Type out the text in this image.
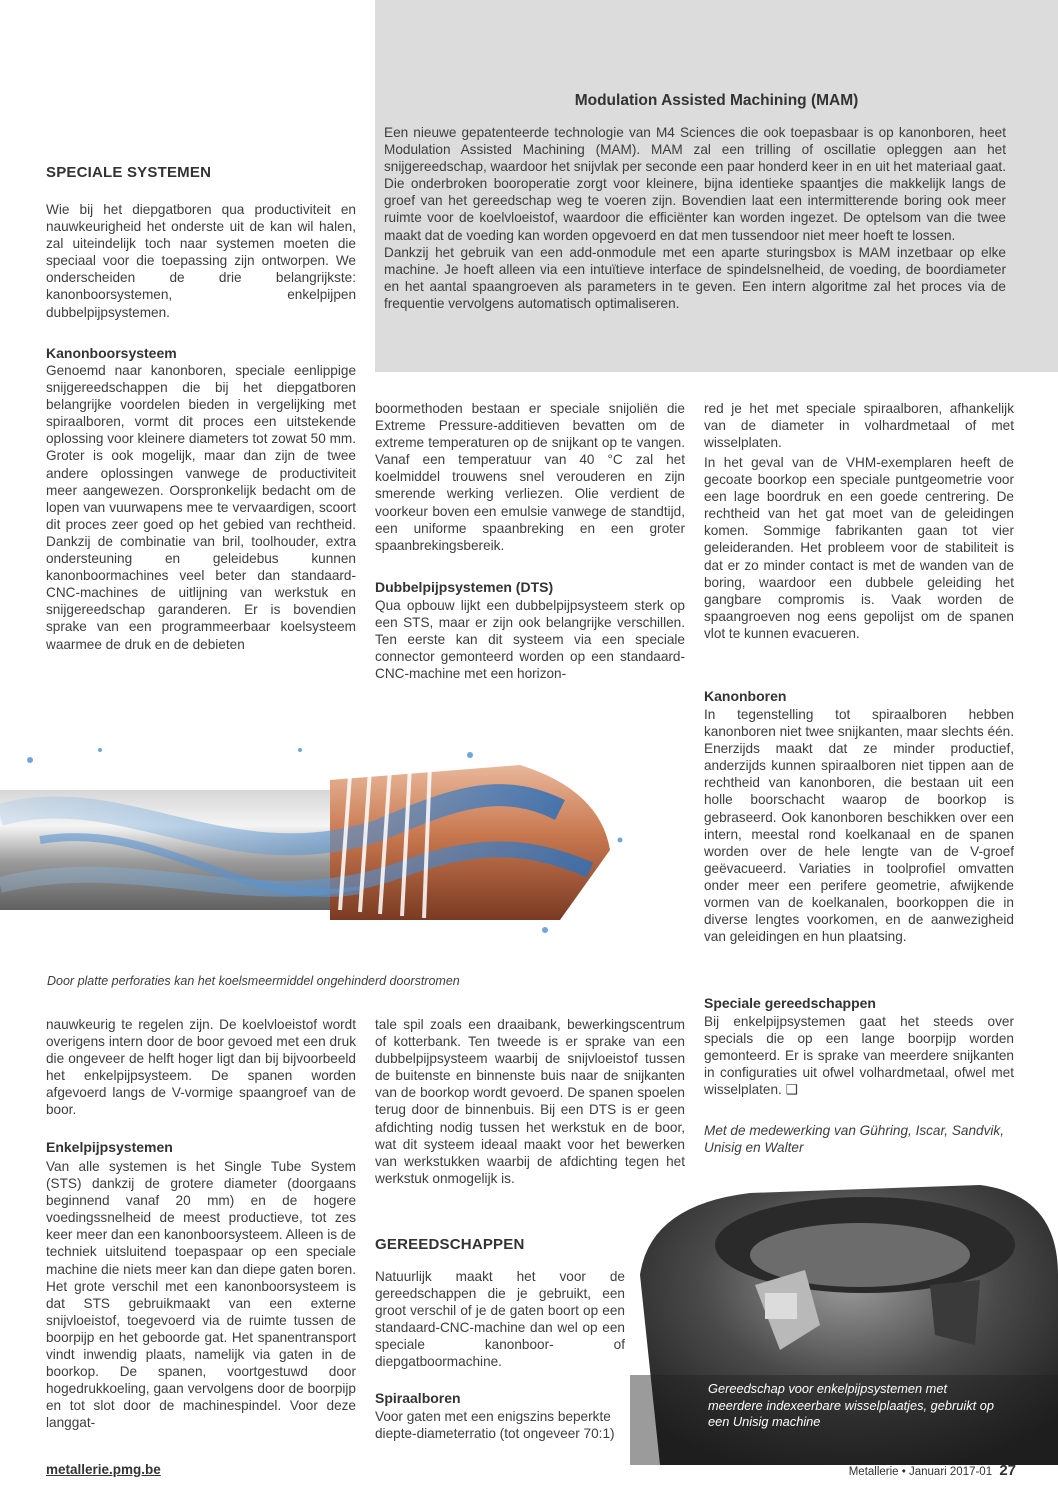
Modulation Assisted Machining (MAM)

Een nieuwe gepatenteerde technologie van M4 Sciences die ook toepasbaar is op kanonboren, heet Modulation Assisted Machining (MAM). MAM zal een trilling of oscillatie opleggen aan het snijgereedschap, waardoor het snijvlak per seconde een paar honderd keer in en uit het materiaal gaat. Die onderbroken booroperatie zorgt voor kleinere, bijna identieke spaantjes die makkelijk langs de groef van het gereedschap weg te voeren zijn. Bovendien laat een intermitterende boring ook meer ruimte voor de koelvloeistof, waardoor die efficiënter kan worden ingezet. De optelsom van die twee maakt dat de voeding kan worden opgevoerd en dat men tussendoor niet meer hoeft te lossen.

Dankzij het gebruik van een add-onmodule met een aparte sturingsbox is MAM inzetbaar op elke machine. Je hoeft alleen via een intuïtieve interface de spindelsnelheid, de voeding, de boordiameter en het aantal spaangroeven als parameters in te geven. Een intern algoritme zal het proces via de frequentie vervolgens automatisch optimaliseren.

SPECIALE SYSTEMEN
Wie bij het diepgatboren qua productiviteit en nauwkeurigheid het onderste uit de kan wil halen, zal uiteindelijk toch naar systemen moeten die speciaal voor die toepassing zijn ontworpen. We onderscheiden de drie belangrijkste: kanonboorsystemen, enkelpijpen dubbelpijpsystemen.
Kanonboorsysteem
Genoemd naar kanonboren, speciale eenlippige snijgereedschappen die bij het diepgatboren belangrijke voordelen bieden in vergelijking met spiraalboren, vormt dit proces een uitstekende oplossing voor kleinere diameters tot zowat 50 mm. Groter is ook mogelijk, maar dan zijn de twee andere oplossingen vanwege de productiviteit meer aangewezen. Oorspronkelijk bedacht om de lopen van vuurwapens mee te vervaardigen, scoort dit proces zeer goed op het gebied van rechtheid. Dankzij de combinatie van bril, toolhouder, extra ondersteuning en geleidebus kunnen kanonboormachines veel beter dan standaard-CNC-machines de uitlijning van werkstuk en snijgereedschap garanderen. Er is bovendien sprake van een programmeerbaar koelsysteem waarmee de druk en de debieten
boormethoden bestaan er speciale snijoliën die Extreme Pressure-additieven bevatten om de extreme temperaturen op de snijkant op te vangen. Vanaf een temperatuur van 40 °C zal het koelmiddel trouwens snel verouderen en zijn smerende werking verliezen. Olie verdient de voorkeur boven een emulsie vanwege de standtijd, een uniforme spaanbreking en een groter spaanbrekingsbereik.
Dubbelpijpsystemen (DTS)
Qua opbouw lijkt een dubbelpijpsysteem sterk op een STS, maar er zijn ook belangrijke verschillen. Ten eerste kan dit systeem via een speciale connector gemonteerd worden op een standaard-CNC-machine met een horizon-
red je het met speciale spiraalboren, afhankelijk van de diameter in volhardmetaal of met wisselplaten.
In het geval van de VHM-exemplaren heeft de gecoate boorkop een speciale puntgeometrie voor een lage boordruk en een goede centrering. De rechtheid van het gat moet van de geleidingen komen. Sommige fabrikanten gaan tot vier geleideranden. Het probleem voor de stabiliteit is dat er zo minder contact is met de wanden van de boring, waardoor een dubbele geleiding het gangbare compromis is. Vaak worden de spaangroeven nog eens gepolijst om de spanen vlot te kunnen evacueren.
Kanonboren
In tegenstelling tot spiraalboren hebben kanonboren niet twee snijkanten, maar slechts één. Enerzijds maakt dat ze minder productief, anderzijds kunnen spiraalboren niet tippen aan de rechtheid van kanonboren, die bestaan uit een holle boorschacht waarop de boorkop is gebraseerd. Ook kanonboren beschikken over een intern, meestal rond koelkanaal en de spanen worden over de hele lengte van de V-groef geëvacueerd. Variaties in toolprofiel omvatten onder meer een perifere geometrie, afwijkende vormen van de koelkanalen, boorkoppen die in diverse lengtes voorkomen, en de aanwezigheid van geleidingen en hun plaatsing.
Speciale gereedschappen
Bij enkelpijpsystemen gaat het steeds over specials die op een lange boorpijp worden gemonteerd. Er is sprake van meerdere snijkanten in configuraties uit ofwel volhardmetaal, ofwel met wisselplaten. ❑
Met de medewerking van Gühring, Iscar, Sandvik, Unisig en Walter
Door platte perforaties kan het koelsmeermiddel ongehinderd doorstromen
nauwkeurig te regelen zijn. De koelvloeistof wordt overigens intern door de boor gevoed met een druk die ongeveer de helft hoger ligt dan bij bijvoorbeeld het enkelpijpsysteem. De spanen worden afgevoerd langs de V-vormige spaangroef van de boor.
Enkelpijpsystemen
Van alle systemen is het Single Tube System (STS) dankzij de grotere diameter (doorgaans beginnend vanaf 20 mm) en de hogere voedingssnelheid de meest productieve, tot zes keer meer dan een kanonboorsysteem. Alleen is de techniek uitsluitend toepaspaar op een speciale machine die niets meer kan dan diepe gaten boren. Het grote verschil met een kanonboorsysteem is dat STS gebruikmaakt van een externe snijvloeistof, toegevoerd via de ruimte tussen de boorpijp en het geboorde gat. Het spanentransport vindt inwendig plaats, namelijk via gaten in de boorkop. De spanen, voortgestuwd door hogedrukkoeling, gaan vervolgens door de boorpijp en tot slot door de machinespindel. Voor deze langgat-
tale spil zoals een draaibank, bewerkingscentrum of kotterbank. Ten tweede is er sprake van een dubbelpijpsysteem waarbij de snijvloeistof tussen de buitenste en binnenste buis naar de snijkanten van de boorkop wordt gevoerd. De spanen spoelen terug door de binnenbuis. Bij een DTS is er geen afdichting nodig tussen het werkstuk en de boor, wat dit systeem ideaal maakt voor het bewerken van werkstukken waarbij de afdichting tegen het werkstuk onmogelijk is.
GEREEDSCHAPPEN
Natuurlijk maakt het voor de gereedschappen die je gebruikt, een groot verschil of je de gaten boort op een standaard-CNC-machine dan wel op een speciale kanonboor- of diepgatboormachine.
Spiraalboren
Voor gaten met een enigszins beperkte diepte-diameterratio (tot ongeveer 70:1)
Gereedschap voor enkelpijpsystemen met meerdere indexeerbare wisselplaatjes, gebruikt op een Unisig machine
metallerie.pmg.be	Metallerie • Januari 2017-01 27
